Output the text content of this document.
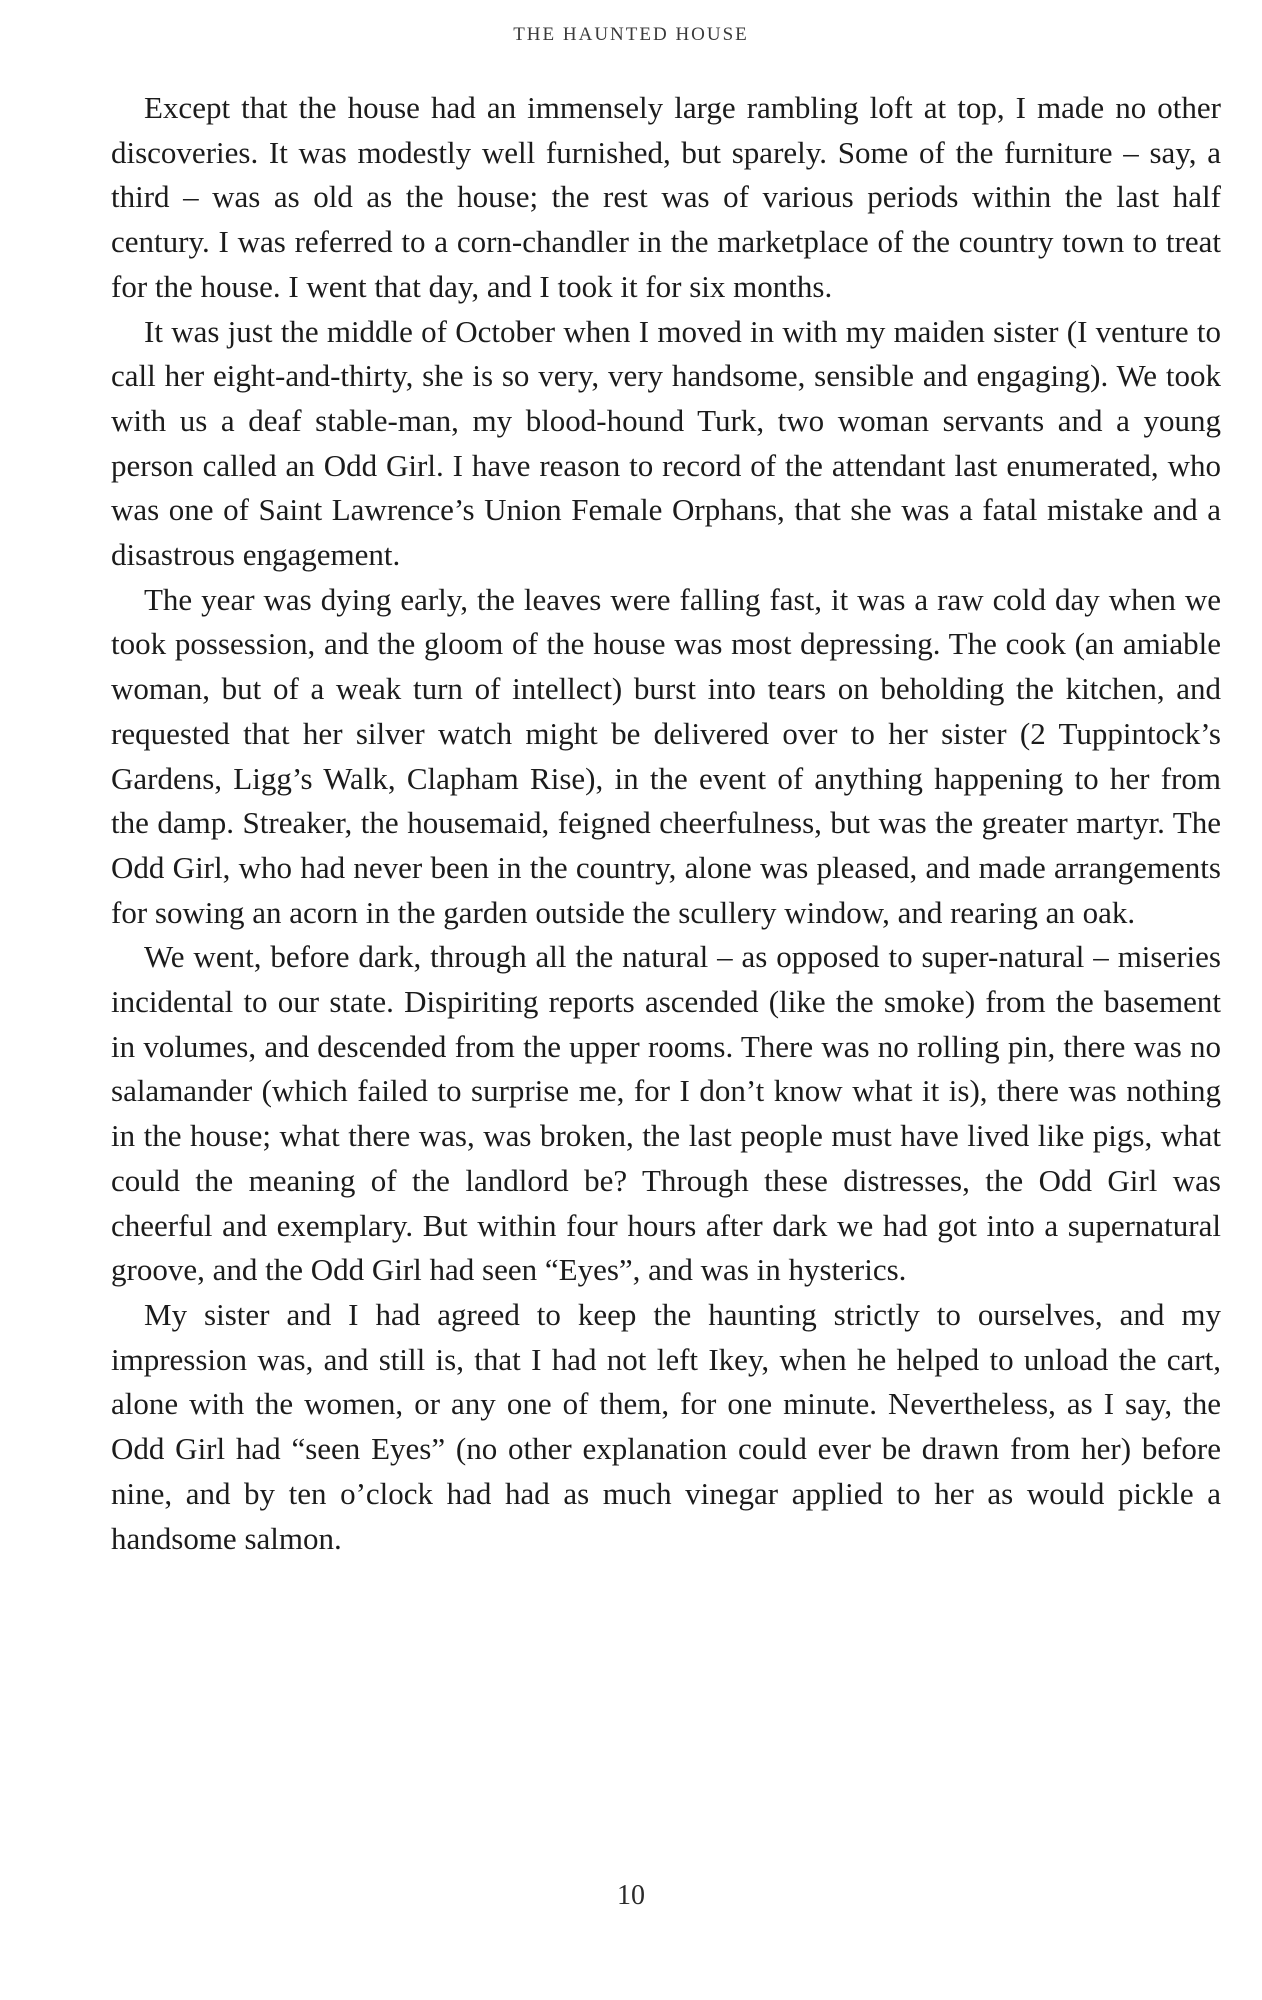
THE HAUNTED HOUSE

Except that the house had an immensely large rambling loft at top, I made no other discoveries. It was modestly well furnished, but sparely. Some of the furniture – say, a third – was as old as the house; the rest was of various periods within the last half century. I was referred to a corn-chandler in the marketplace of the country town to treat for the house. I went that day, and I took it for six months.

It was just the middle of October when I moved in with my maiden sister (I venture to call her eight-and-thirty, she is so very, very handsome, sensible and engaging). We took with us a deaf stable-man, my blood-hound Turk, two woman servants and a young person called an Odd Girl. I have reason to record of the attendant last enumerated, who was one of Saint Lawrence’s Union Female Orphans, that she was a fatal mistake and a disastrous engagement.

The year was dying early, the leaves were falling fast, it was a raw cold day when we took possession, and the gloom of the house was most depressing. The cook (an amiable woman, but of a weak turn of intellect) burst into tears on beholding the kitchen, and requested that her silver watch might be delivered over to her sister (2 Tuppintock’s Gardens, Ligg’s Walk, Clapham Rise), in the event of anything happening to her from the damp. Streaker, the housemaid, feigned cheerfulness, but was the greater martyr. The Odd Girl, who had never been in the country, alone was pleased, and made arrangements for sowing an acorn in the garden outside the scullery window, and rearing an oak.

We went, before dark, through all the natural – as opposed to super-natural – miseries incidental to our state. Dispiriting reports ascended (like the smoke) from the basement in volumes, and descended from the upper rooms. There was no rolling pin, there was no salamander (which failed to surprise me, for I don’t know what it is), there was nothing in the house; what there was, was broken, the last people must have lived like pigs, what could the meaning of the landlord be? Through these distresses, the Odd Girl was cheerful and exemplary. But within four hours after dark we had got into a supernatural groove, and the Odd Girl had seen “Eyes”, and was in hysterics.

My sister and I had agreed to keep the haunting strictly to ourselves, and my impression was, and still is, that I had not left Ikey, when he helped to unload the cart, alone with the women, or any one of them, for one minute. Nevertheless, as I say, the Odd Girl had “seen Eyes” (no other explanation could ever be drawn from her) before nine, and by ten o’clock had had as much vinegar applied to her as would pickle a handsome salmon.

10
